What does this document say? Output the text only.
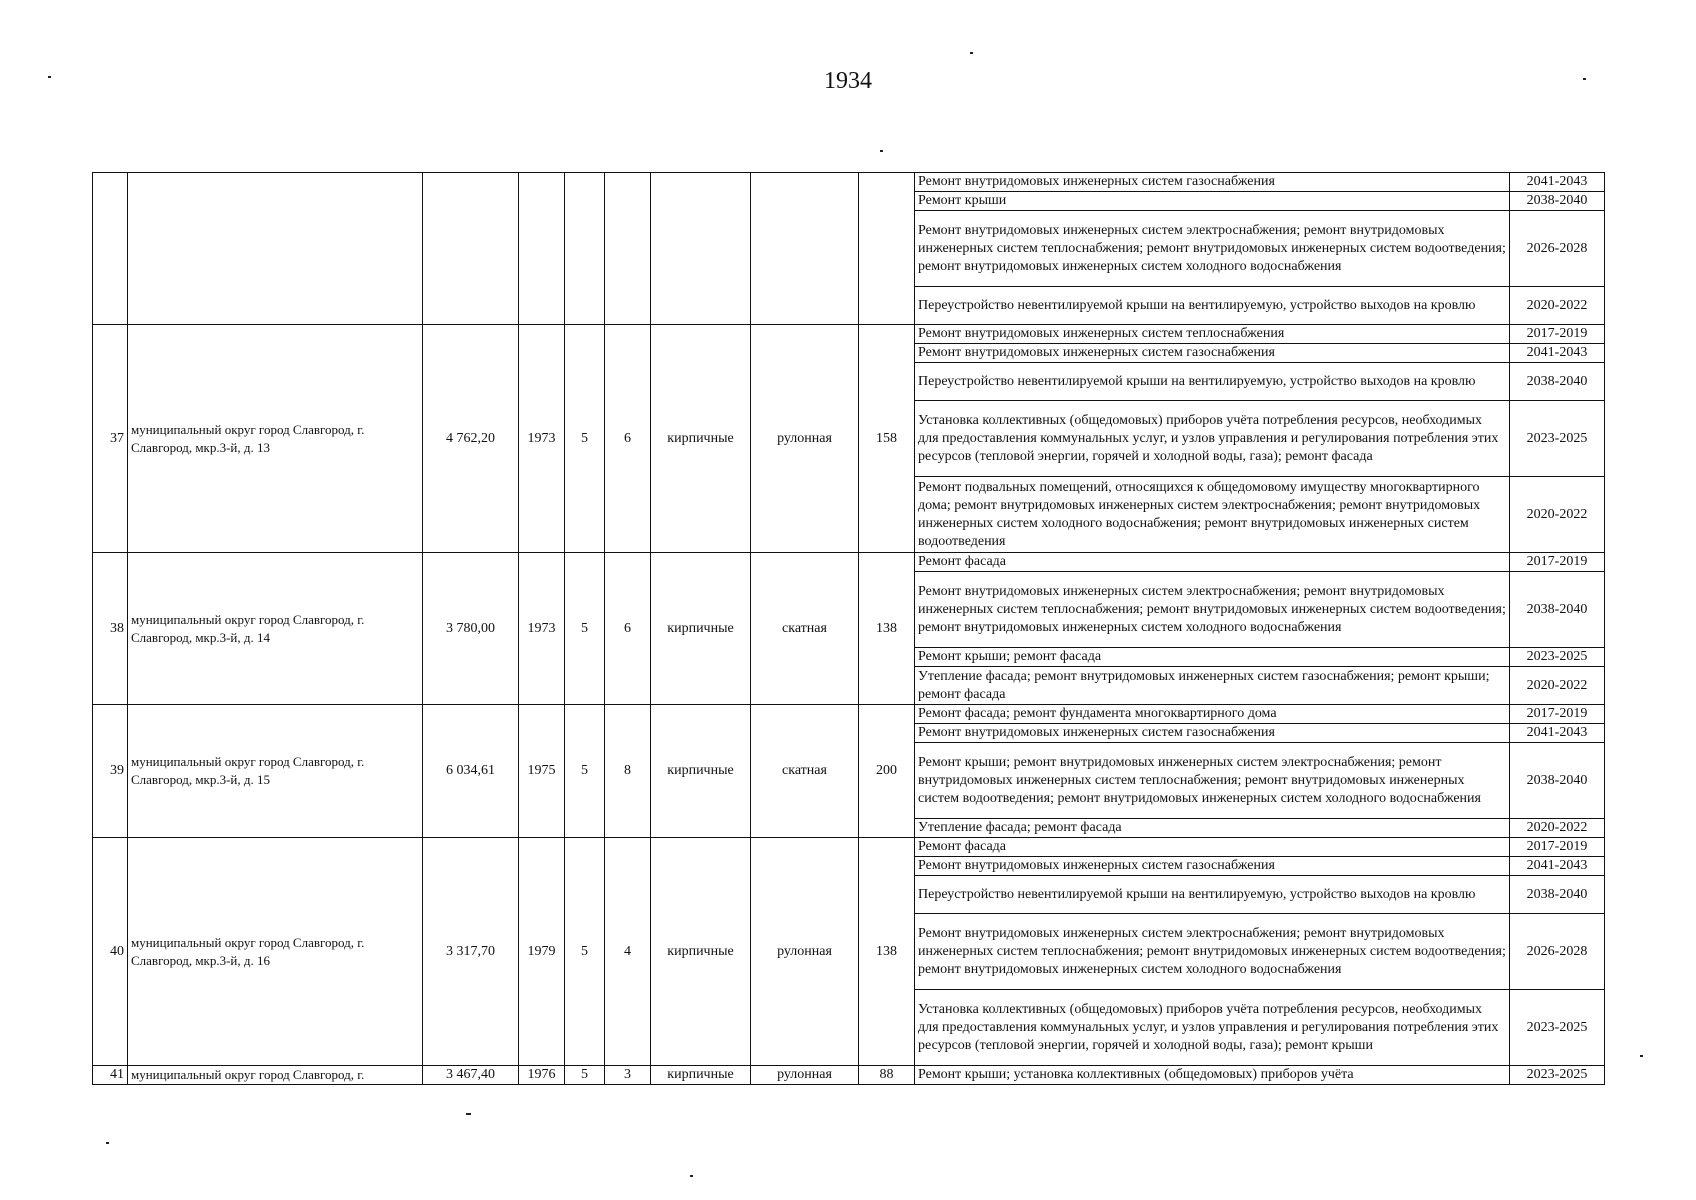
1934
									Ремонт внутридомовых инженерных систем газоснабжения	2041-2043
									Ремонт крыши	2038-2040
									Ремонт внутридомовых инженерных систем электроснабжения; ремонт внутридомовых инженерных систем теплоснабжения; ремонт внутридомовых инженерных систем водоотведения; ремонт внутридомовых инженерных систем холодного водоснабжения	2026-2028
									Переустройство невентилируемой крыши на вентилируемую, устройство выходов на кровлю	2020-2022
37	муниципальный округ город Славгород, г. Славгород, мкр.3-й, д. 13	4 762,20	1973	5	6	кирпичные	рулонная	158	Ремонт внутридомовых инженерных систем теплоснабжения	2017-2019
									Ремонт внутридомовых инженерных систем газоснабжения	2041-2043
									Переустройство невентилируемой крыши на вентилируемую, устройство выходов на кровлю	2038-2040
									Установка коллективных (общедомовых) приборов учёта потребления ресурсов, необходимых для предоставления коммунальных услуг, и узлов управления и регулирования потребления этих ресурсов (тепловой энергии, горячей и холодной воды, газа); ремонт фасада	2023-2025
									Ремонт подвальных помещений, относящихся к общедомовому имуществу многоквартирного дома; ремонт внутридомовых инженерных систем электроснабжения; ремонт внутридомовых инженерных систем холодного водоснабжения; ремонт внутридомовых инженерных систем водоотведения	2020-2022
38	муниципальный округ город Славгород, г. Славгород, мкр.3-й, д. 14	3 780,00	1973	5	6	кирпичные	скатная	138	Ремонт фасада	2017-2019
									Ремонт внутридомовых инженерных систем электроснабжения; ремонт внутридомовых инженерных систем теплоснабжения; ремонт внутридомовых инженерных систем водоотведения; ремонт внутридомовых инженерных систем холодного водоснабжения	2038-2040
									Ремонт крыши; ремонт фасада	2023-2025
									Утепление фасада; ремонт внутридомовых инженерных систем газоснабжения; ремонт крыши; ремонт фасада	2020-2022
39	муниципальный округ город Славгород, г. Славгород, мкр.3-й, д. 15	6 034,61	1975	5	8	кирпичные	скатная	200	Ремонт фасада; ремонт фундамента многоквартирного дома	2017-2019
									Ремонт внутридомовых инженерных систем газоснабжения	2041-2043
									Ремонт крыши; ремонт внутридомовых инженерных систем электроснабжения; ремонт внутридомовых инженерных систем теплоснабжения; ремонт внутридомовых инженерных систем водоотведения; ремонт внутридомовых инженерных систем холодного водоснабжения	2038-2040
									Утепление фасада; ремонт фасада	2020-2022
40	муниципальный округ город Славгород, г. Славгород, мкр.3-й, д. 16	3 317,70	1979	5	4	кирпичные	рулонная	138	Ремонт фасада	2017-2019
									Ремонт внутридомовых инженерных систем газоснабжения	2041-2043
									Переустройство невентилируемой крыши на вентилируемую, устройство выходов на кровлю	2038-2040
									Ремонт внутридомовых инженерных систем электроснабжения; ремонт внутридомовых инженерных систем теплоснабжения; ремонт внутридомовых инженерных систем водоотведения; ремонт внутридомовых инженерных систем холодного водоснабжения	2026-2028
									Установка коллективных (общедомовых) приборов учёта потребления ресурсов, необходимых для предоставления коммунальных услуг, и узлов управления и регулирования потребления этих ресурсов (тепловой энергии, горячей и холодной воды, газа); ремонт крыши	2023-2025
41	муниципальный округ город Славгород, г.	3 467,40	1976	5	3	кирпичные	рулонная	88	Ремонт крыши; установка коллективных (общедомовых) приборов учёта	2023-2025
